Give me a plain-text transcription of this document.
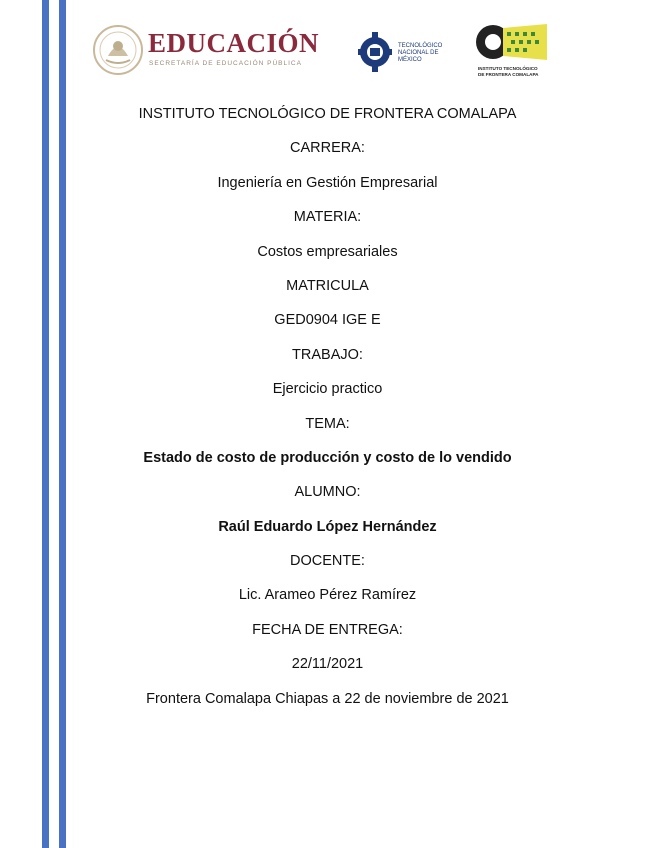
EDUCACIÓN
SECRETARÍA DE EDUCACIÓN PÚBLICA
TECNOLÓGICO
NACIONAL DE MÉXICO
INSTITUTO TECNOLÓGICO
DE FRONTERA COMALAPA
INSTITUTO TECNOLÓGICO DE FRONTERA COMALAPA
CARRERA:
Ingeniería en Gestión Empresarial
MATERIA:
Costos empresariales
MATRICULA
GED0904 IGE E
TRABAJO:
Ejercicio practico
TEMA:
Estado de costo de producción y costo de lo vendido
ALUMNO:
Raúl Eduardo López Hernández
DOCENTE:
Lic. Arameo Pérez Ramírez
FECHA DE ENTREGA:
22/11/2021
Frontera Comalapa Chiapas a 22 de noviembre de 2021
